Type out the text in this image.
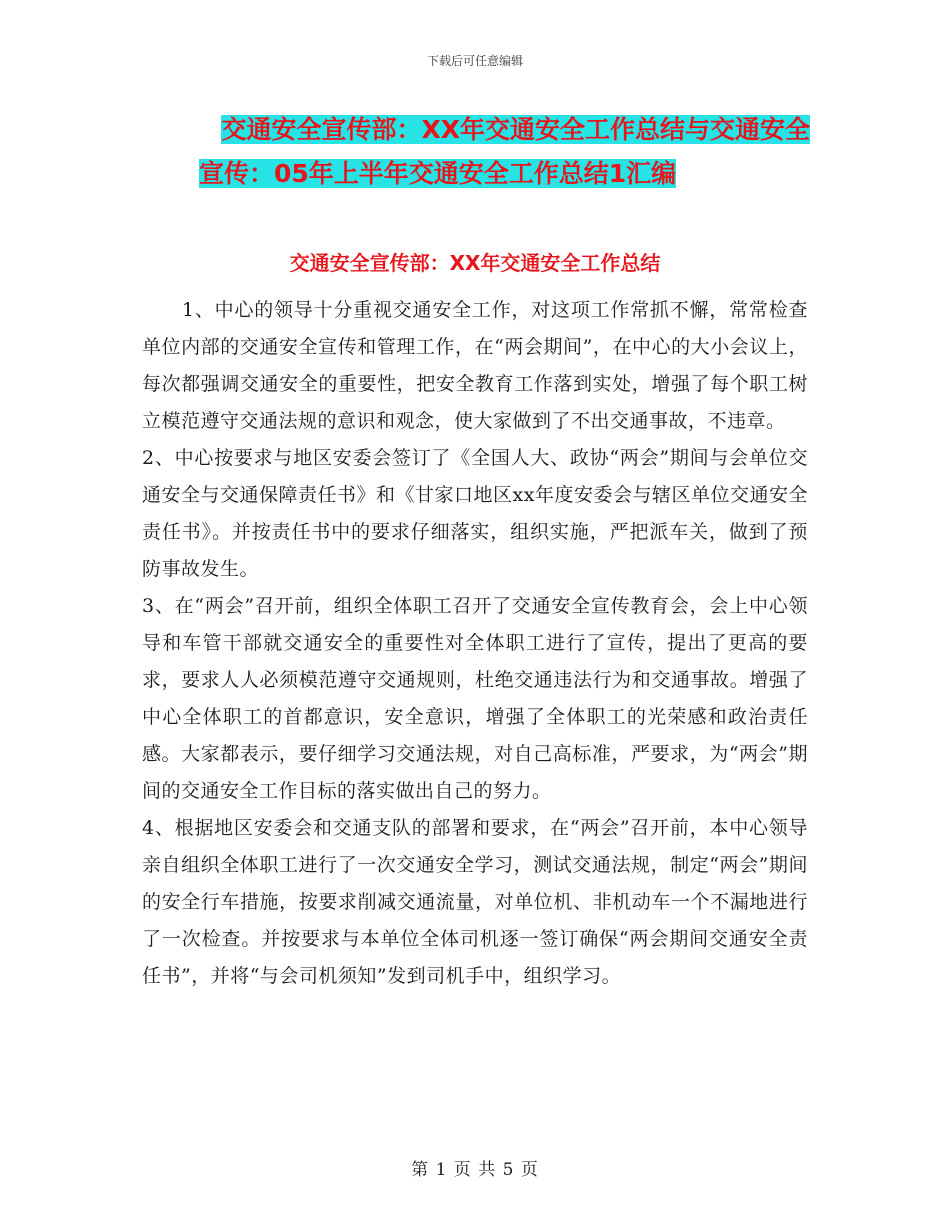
下载后可任意编辑
交通安全宣传部：XX年交通安全工作总结与交通安全
宣传：05年上半年交通安全工作总结1汇编
交通安全宣传部：XX年交通安全工作总结

1、中心的领导十分重视交通安全工作，对这项工作常抓不懈，常常检查单位内部的交通安全宣传和管理工作，在“两会期间”，在中心的大小会议上，每次都强调交通安全的重要性，把安全教育工作落到实处，增强了每个职工树立模范遵守交通法规的意识和观念，使大家做到了不出交通事故，不违章。

2、中心按要求与地区安委会签订了《全国人大、政协“两会”期间与会单位交通安全与交通保障责任书》和《甘家口地区xx年度安委会与辖区单位交通安全责任书》。并按责任书中的要求仔细落实，组织实施，严把派车关，做到了预防事故发生。

3、在“两会”召开前，组织全体职工召开了交通安全宣传教育会，会上中心领导和车管干部就交通安全的重要性对全体职工进行了宣传，提出了更高的要求，要求人人必须模范遵守交通规则，杜绝交通违法行为和交通事故。增强了中心全体职工的首都意识，安全意识，增强了全体职工的光荣感和政治责任感。大家都表示，要仔细学习交通法规，对自己高标准，严要求，为“两会”期间的交通安全工作目标的落实做出自己的努力。

4、根据地区安委会和交通支队的部署和要求，在“两会”召开前，本中心领导亲自组织全体职工进行了一次交通安全学习，测试交通法规，制定“两会”期间的安全行车措施，按要求削减交通流量，对单位机、非机动车一个不漏地进行了一次检查。并按要求与本单位全体司机逐一签订确保“两会期间交通安全责任书”，并将“与会司机须知”发到司机手中，组织学习。

第 1 页 共 5 页
